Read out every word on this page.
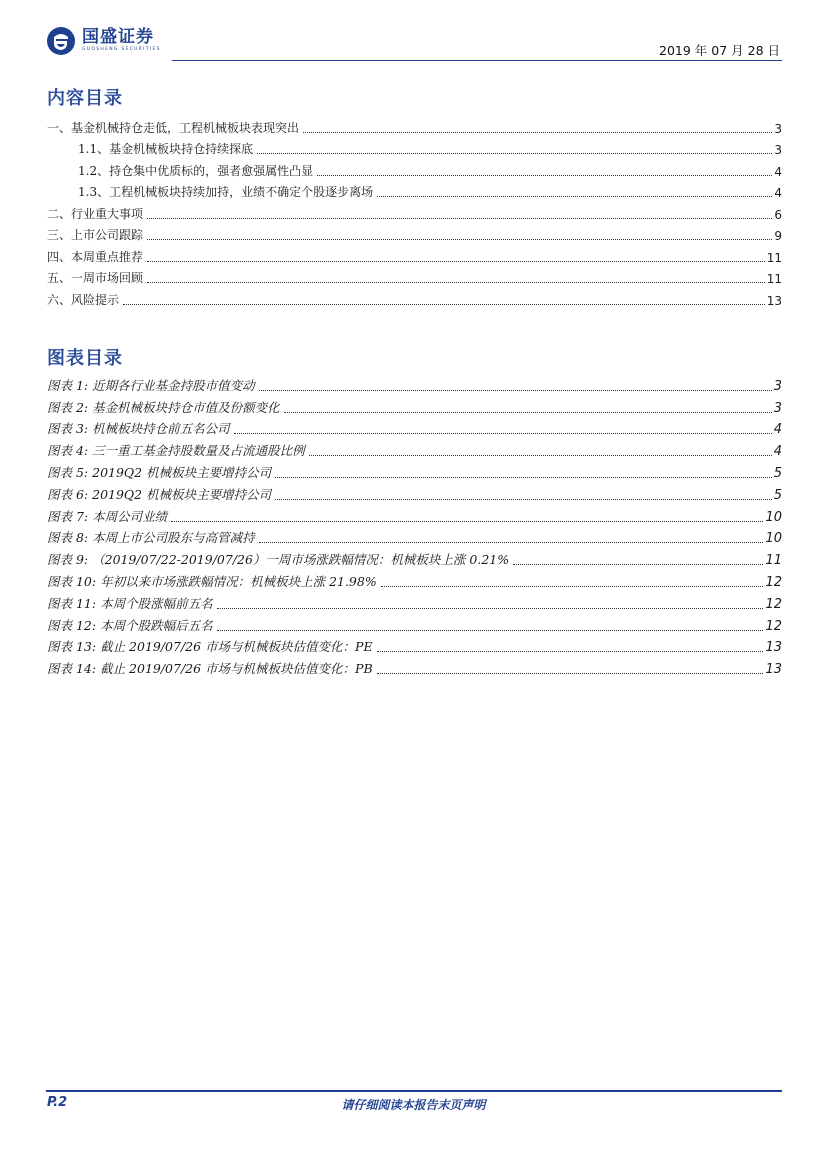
国盛证券
GUOSHENG SECURITIES	2019 年 07 月 28 日
内容目录
一、基金机械持仓走低，工程机械板块表现突出	3
1.1、基金机械板块持仓持续探底	3
1.2、持仓集中优质标的，强者愈强属性凸显	4
1.3、工程机械板块持续加持，业绩不确定个股逐步离场	4
二、行业重大事项	6
三、上市公司跟踪	9
四、本周重点推荐	11
五、一周市场回顾	11
六、风险提示	13
图表目录
图表 1: 近期各行业基金持股市值变动	3
图表 2: 基金机械板块持仓市值及份额变化	3
图表 3: 机械板块持仓前五名公司	4
图表 4: 三一重工基金持股数量及占流通股比例	4
图表 5: 2019Q2 机械板块主要增持公司	5
图表 6: 2019Q2 机械板块主要增持公司	5
图表 7: 本周公司业绩	10
图表 8: 本周上市公司股东与高管减持	10
图表 9: （2019/07/22-2019/07/26）一周市场涨跌幅情况：机械板块上涨 0.21%	11
图表 10: 年初以来市场涨跌幅情况：机械板块上涨 21.98%	12
图表 11: 本周个股涨幅前五名	12
图表 12: 本周个股跌幅后五名	12
图表 13: 截止 2019/07/26 市场与机械板块估值变化：PE	13
图表 14: 截止 2019/07/26 市场与机械板块估值变化：PB	13
P.2	请仔细阅读本报告末页声明
